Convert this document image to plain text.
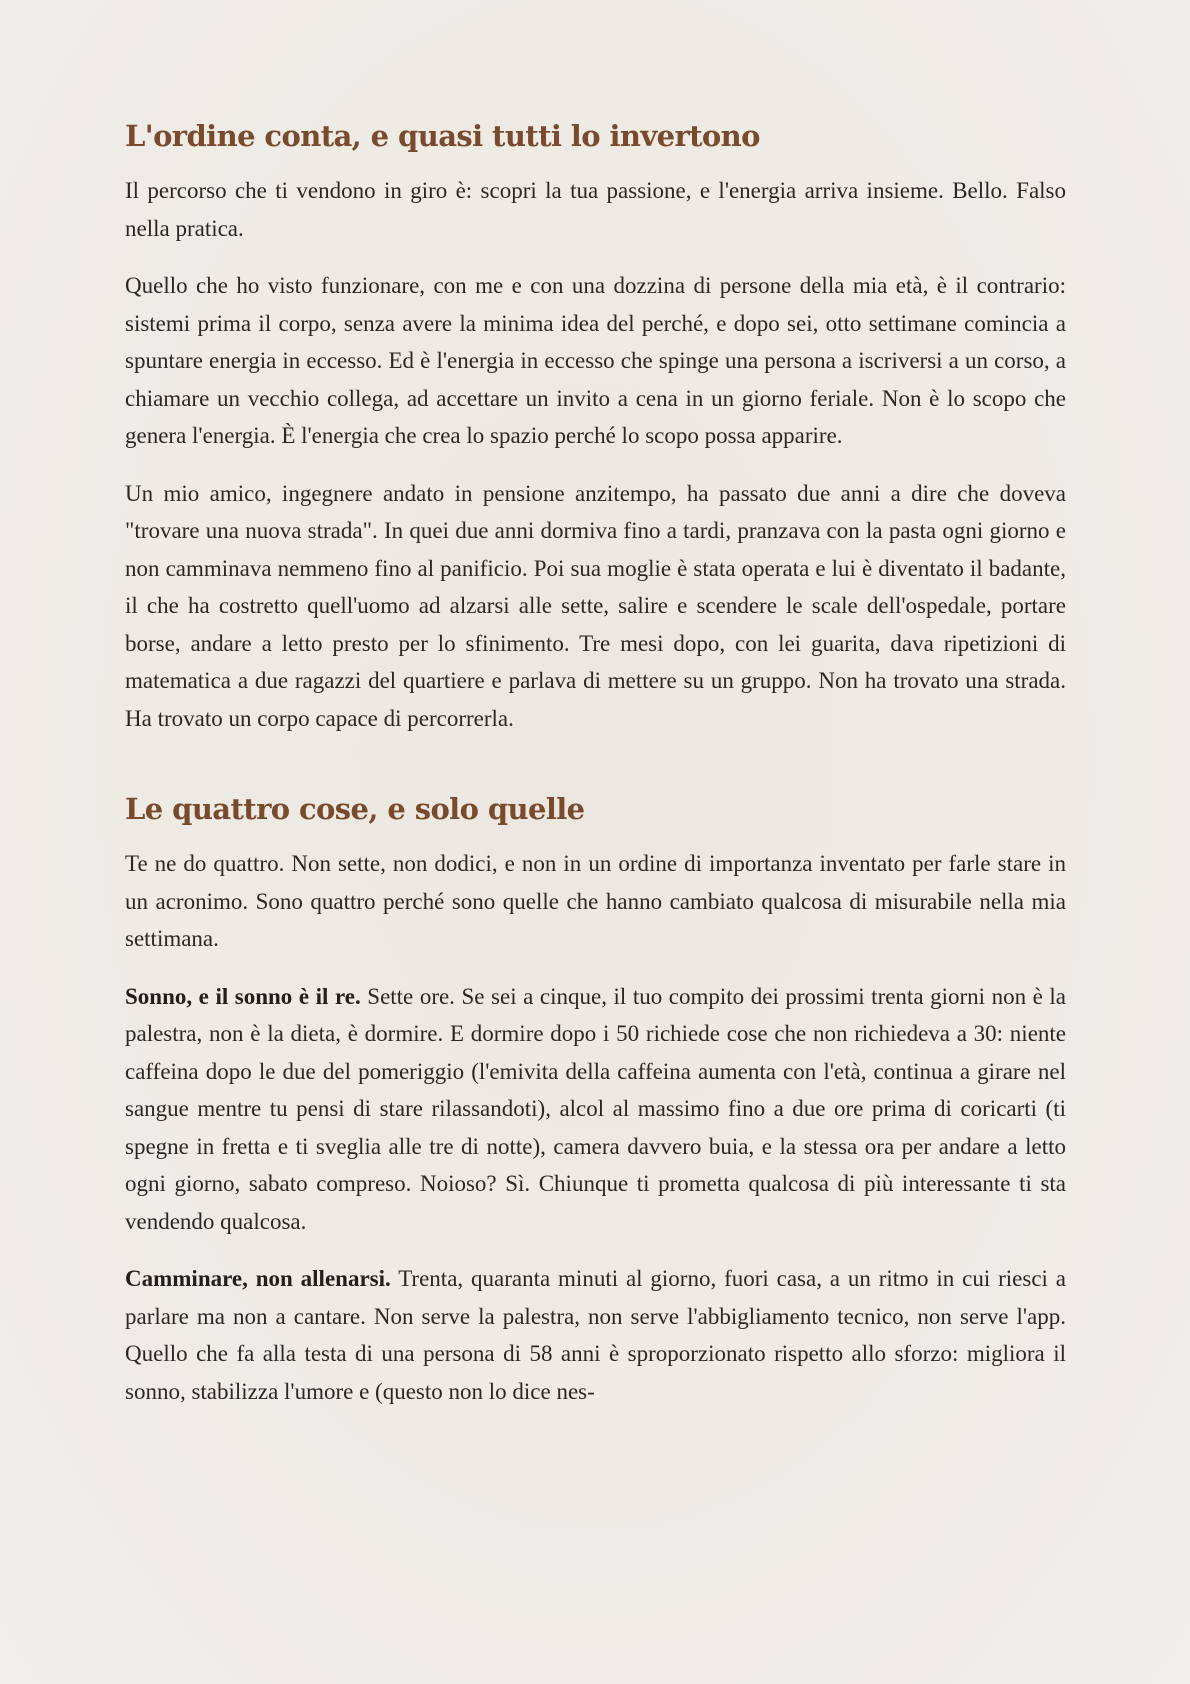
L'ordine conta, e quasi tutti lo invertono

Il percorso che ti vendono in giro è: scopri la tua passione, e l'energia arriva insieme. Bello. Falso nella pratica.

Quello che ho visto funzionare, con me e con una dozzina di persone della mia età, è il contrario: sistemi prima il corpo, senza avere la minima idea del perché, e dopo sei, otto settimane comincia a spuntare energia in eccesso. Ed è l'energia in eccesso che spinge una persona a iscriversi a un corso, a chiamare un vecchio collega, ad accettare un invito a cena in un giorno feriale. Non è lo scopo che genera l'energia. È l'energia che crea lo spazio perché lo scopo possa apparire.

Un mio amico, ingegnere andato in pensione anzitempo, ha passato due anni a dire che doveva "trovare una nuova strada". In quei due anni dormiva fino a tardi, pranzava con la pasta ogni giorno e non camminava nemmeno fino al panificio. Poi sua moglie è stata operata e lui è diventato il badante, il che ha costretto quell'uomo ad alzarsi alle sette, salire e scendere le scale dell'ospedale, portare borse, andare a letto presto per lo sfinimento. Tre mesi dopo, con lei guarita, dava ripetizioni di matematica a due ragazzi del quartiere e parlava di mettere su un gruppo. Non ha trovato una strada. Ha trovato un corpo capace di percorrerla.

Le quattro cose, e solo quelle

Te ne do quattro. Non sette, non dodici, e non in un ordine di importanza inventato per farle stare in un acronimo. Sono quattro perché sono quelle che hanno cambiato qualcosa di misurabile nella mia settimana.

Sonno, e il sonno è il re. Sette ore. Se sei a cinque, il tuo compito dei prossimi trenta giorni non è la palestra, non è la dieta, è dormire. E dormire dopo i 50 richiede cose che non richiedeva a 30: niente caffeina dopo le due del pomeriggio (l'emivita della caffeina aumenta con l'età, continua a girare nel sangue mentre tu pensi di stare rilassandoti), alcol al massimo fino a due ore prima di coricarti (ti spegne in fretta e ti sveglia alle tre di notte), camera davvero buia, e la stessa ora per andare a letto ogni giorno, sabato compreso. Noioso? Sì. Chiunque ti prometta qualcosa di più interessante ti sta vendendo qualcosa.

Camminare, non allenarsi. Trenta, quaranta minuti al giorno, fuori casa, a un ritmo in cui riesci a parlare ma non a cantare. Non serve la palestra, non serve l'abbigliamento tecnico, non serve l'app. Quello che fa alla testa di una persona di 58 anni è sproporzionato rispetto allo sforzo: migliora il sonno, stabilizza l'umore e (questo non lo dice nes-
